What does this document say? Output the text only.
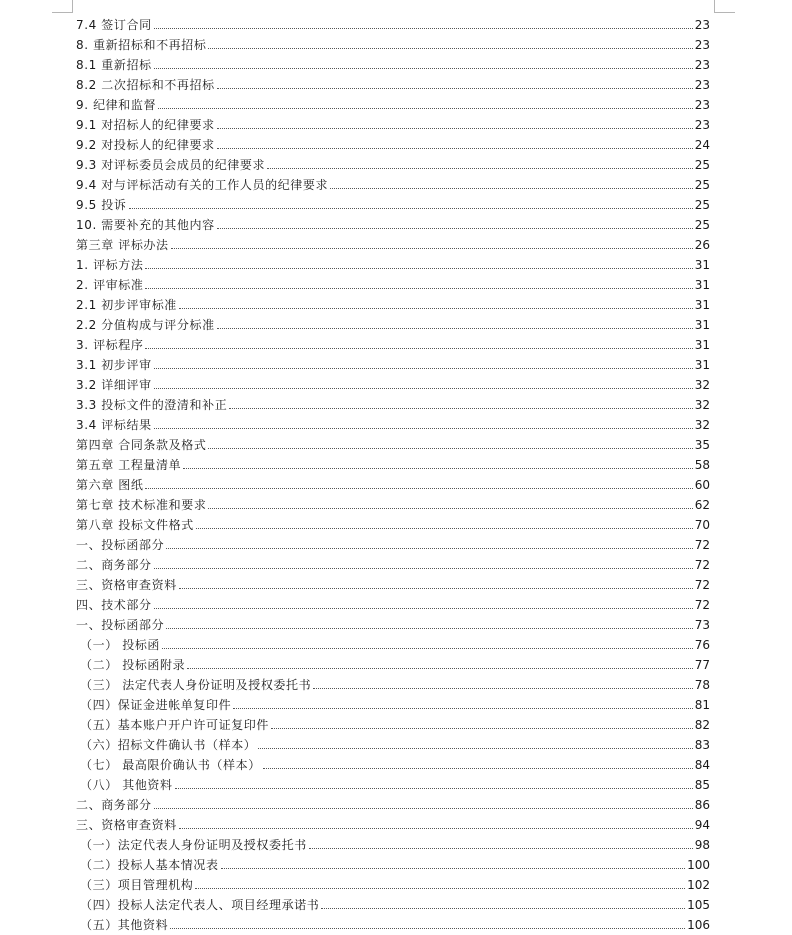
7.4 签订合同	23
8. 重新招标和不再招标	23
8.1 重新招标	23
8.2 二次招标和不再招标	23
9. 纪律和监督	23
9.1 对招标人的纪律要求	23
9.2 对投标人的纪律要求	24
9.3 对评标委员会成员的纪律要求	25
9.4 对与评标活动有关的工作人员的纪律要求	25
9.5 投诉	25
10. 需要补充的其他内容	25
第三章 评标办法	26
1. 评标方法	31
2. 评审标准	31
2.1 初步评审标准	31
2.2 分值构成与评分标准	31
3. 评标程序	31
3.1 初步评审	31
3.2 详细评审	32
3.3 投标文件的澄清和补正	32
3.4 评标结果	32
第四章 合同条款及格式	35
第五章 工程量清单	58
第六章 图纸	60
第七章 技术标准和要求	62
第八章 投标文件格式	70
一、投标函部分	72
二、商务部分	72
三、资格审查资料	72
四、技术部分	72
一、投标函部分	73
（一） 投标函	76
（二） 投标函附录	77
（三） 法定代表人身份证明及授权委托书	78
（四）保证金进帐单复印件	81
（五）基本账户开户许可证复印件	82
（六）招标文件确认书（样本）	83
（七） 最高限价确认书（样本）	84
（八） 其他资料	85
二、商务部分	86
三、资格审查资料	94
（一）法定代表人身份证明及授权委托书	98
（二）投标人基本情况表	100
（三）项目管理机构	102
（四）投标人法定代表人、项目经理承诺书	105
（五）其他资料	106
